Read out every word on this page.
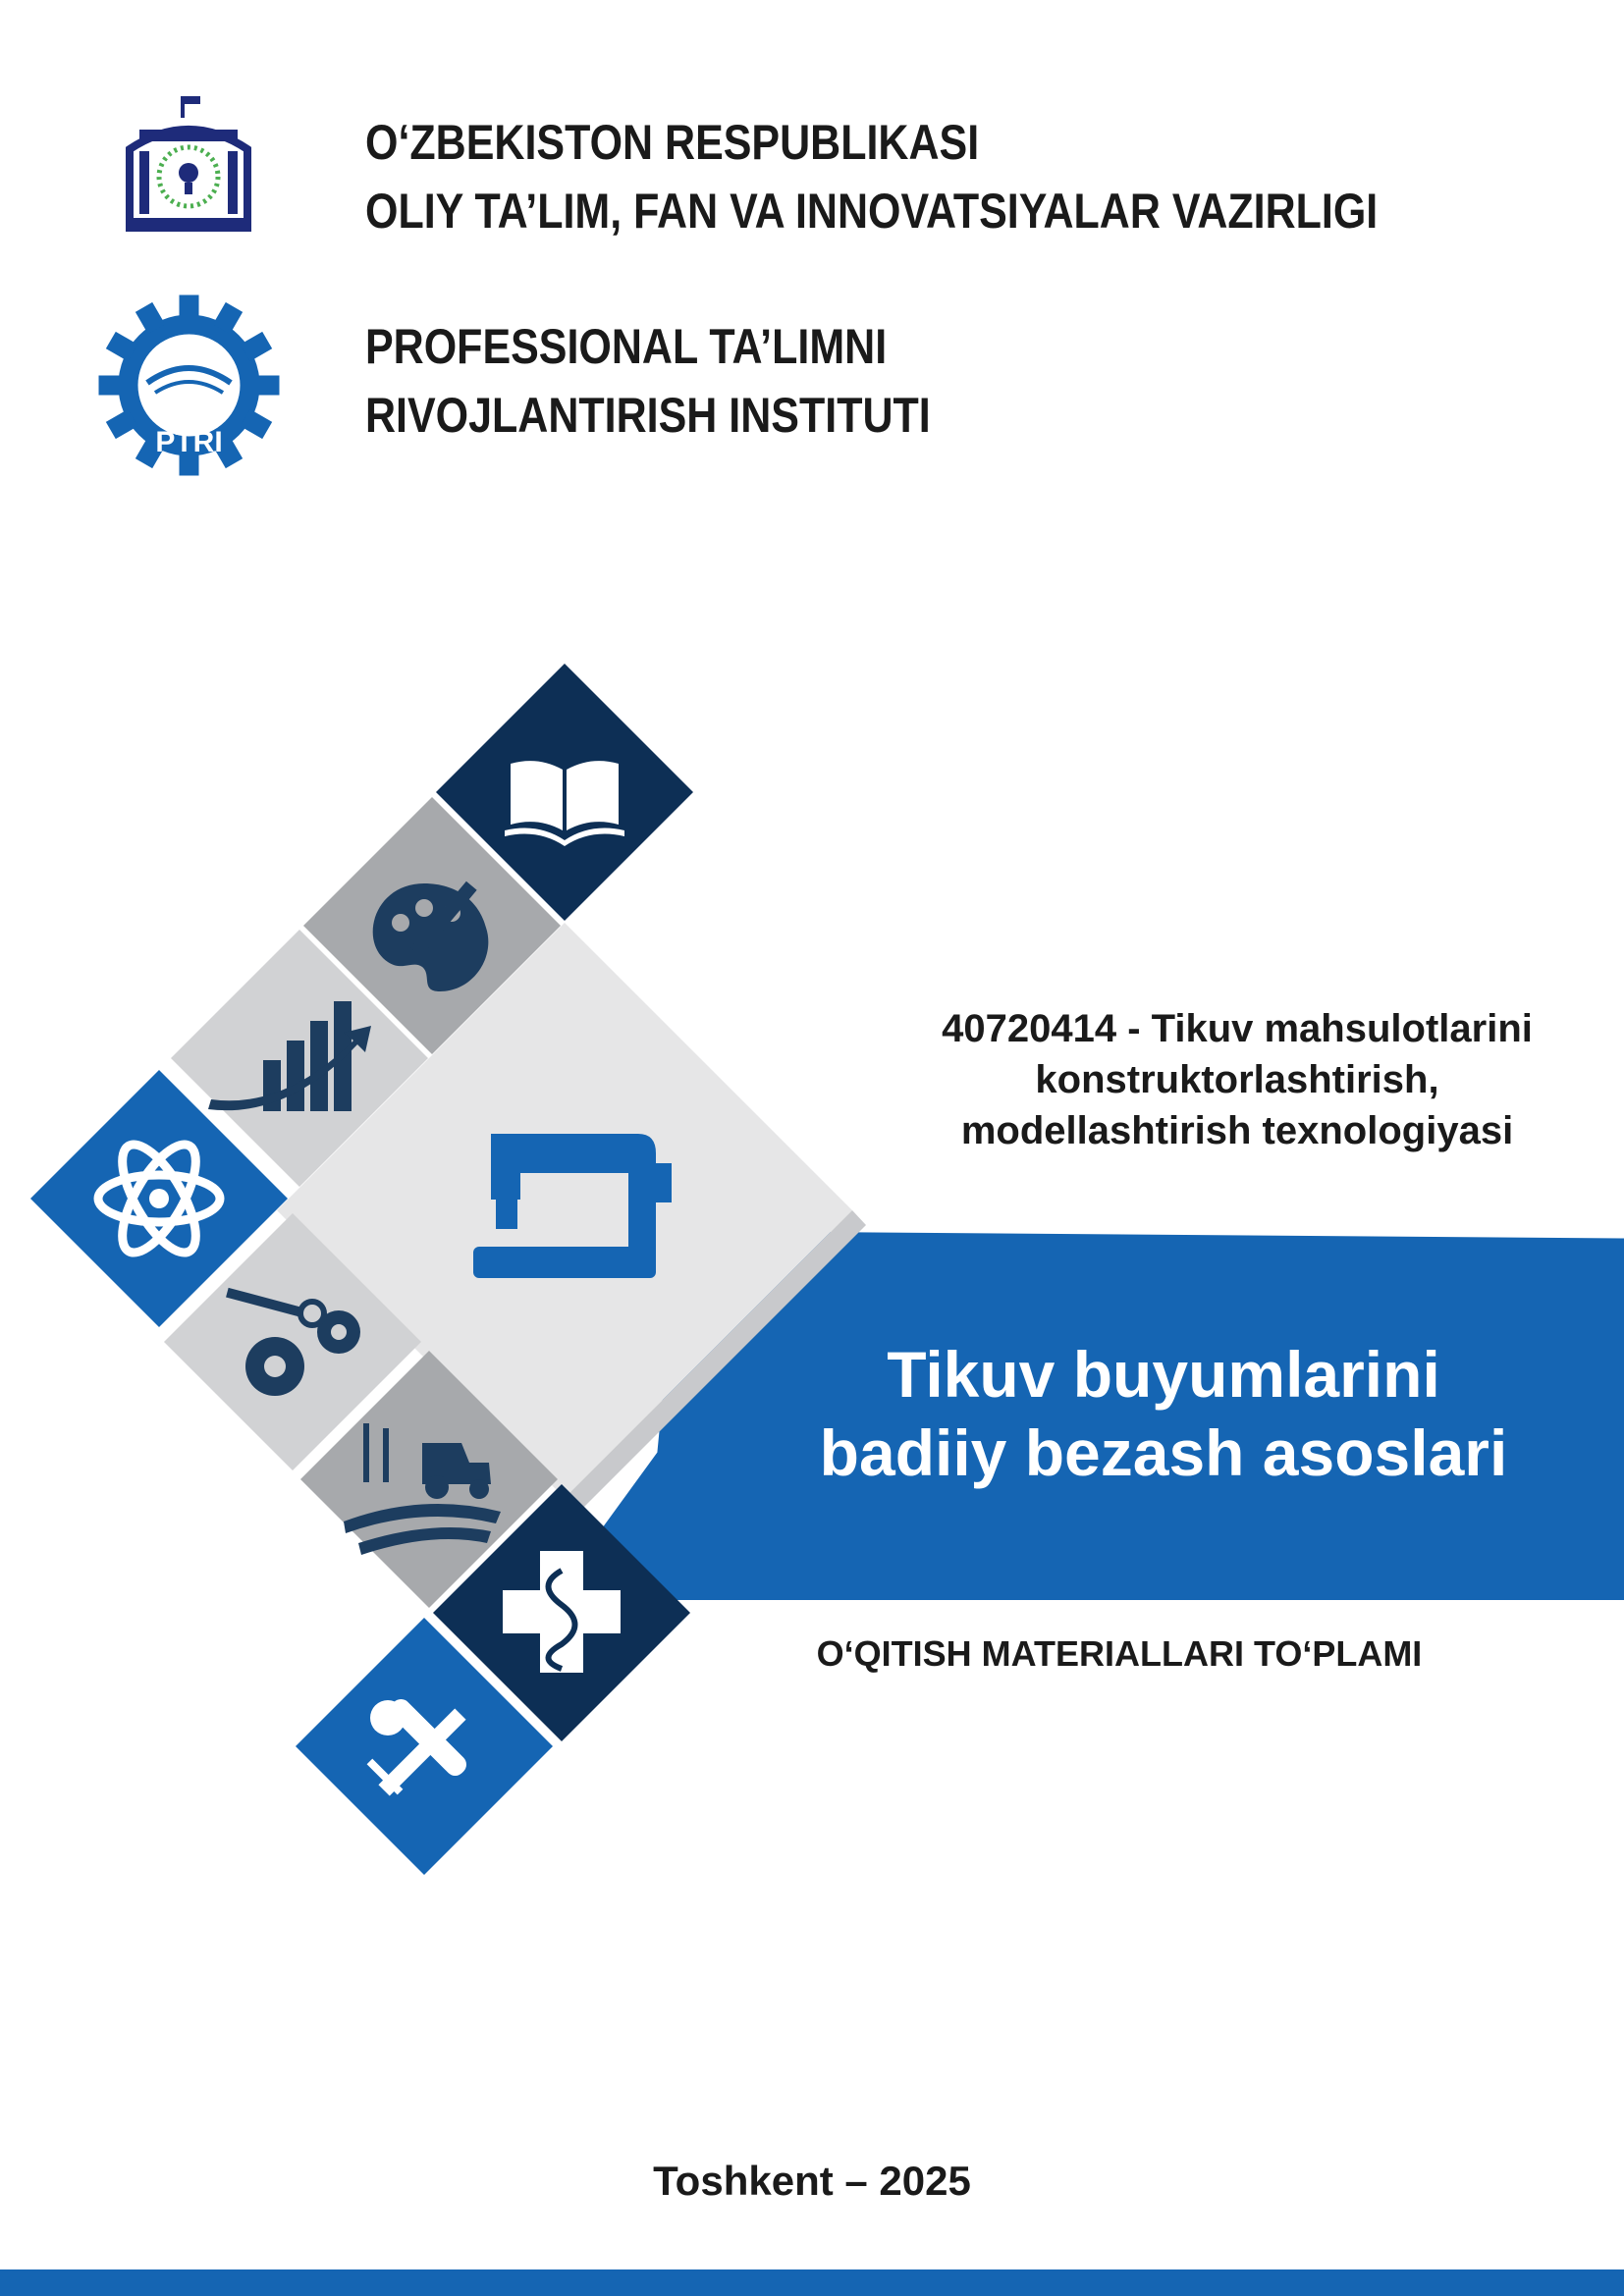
PTRI
O‘ZBEKISTON RESPUBLIKASI
OLIY TA’LIM, FAN VA INNOVATSIYALAR VAZIRLIGI
PROFESSIONAL TA’LIMNI
RIVOJLANTIRISH INSTITUTI
40720414 - Tikuv mahsulotlarini
konstruktorlashtirish,
modellashtirish texnologiyasi
Tikuv buyumlarini
badiiy bezash asoslari
O‘QITISH MATERIALLARI TO‘PLAMI
Toshkent – 2025
